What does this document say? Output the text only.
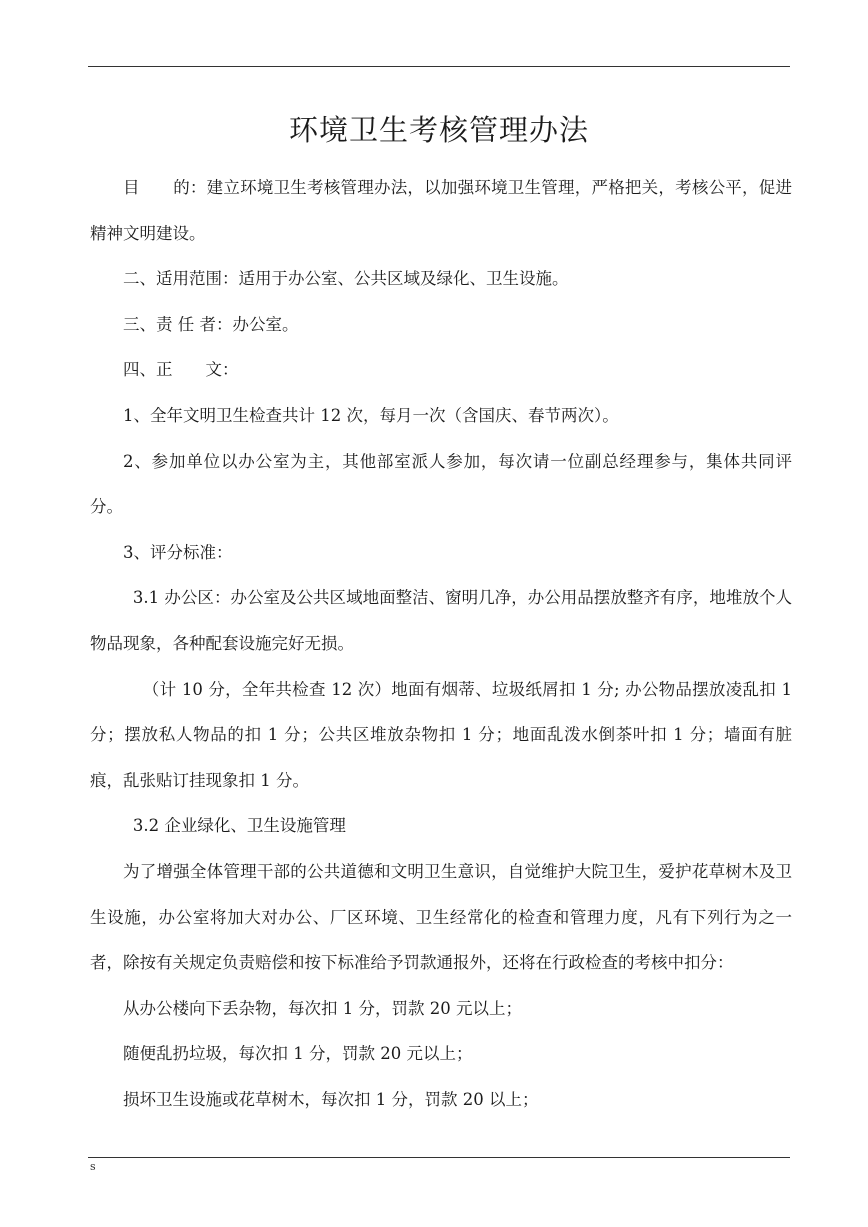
环境卫生考核管理办法

目　　的：建立环境卫生考核管理办法，以加强环境卫生管理，严格把关，考核公平，促进精神文明建设。

二、适用范围：适用于办公室、公共区域及绿化、卫生设施。

三、责 任 者：办公室。

四、正　　文：

1、全年文明卫生检查共计 12 次，每月一次（含国庆、春节两次）。

2、参加单位以办公室为主，其他部室派人参加，每次请一位副总经理参与，集体共同评分。

3、评分标准：

3.1 办公区：办公室及公共区域地面整洁、窗明几净，办公用品摆放整齐有序，地堆放个人物品现象，各种配套设施完好无损。

（计 10 分，全年共检查 12 次）地面有烟蒂、垃圾纸屑扣 1 分; 办公物品摆放凌乱扣 1 分；摆放私人物品的扣 1 分；公共区堆放杂物扣 1 分；地面乱泼水倒茶叶扣 1 分；墙面有脏痕，乱张贴订挂现象扣 1 分。

3.2 企业绿化、卫生设施管理

为了增强全体管理干部的公共道德和文明卫生意识，自觉维护大院卫生，爱护花草树木及卫生设施，办公室将加大对办公、厂区环境、卫生经常化的检查和管理力度，凡有下列行为之一者，除按有关规定负责赔偿和按下标准给予罚款通报外，还将在行政检查的考核中扣分：

从办公楼向下丢杂物，每次扣 1 分，罚款 20 元以上；

随便乱扔垃圾，每次扣 1 分，罚款 20 元以上；

损坏卫生设施或花草树木，每次扣 1 分，罚款 20 以上；

s
